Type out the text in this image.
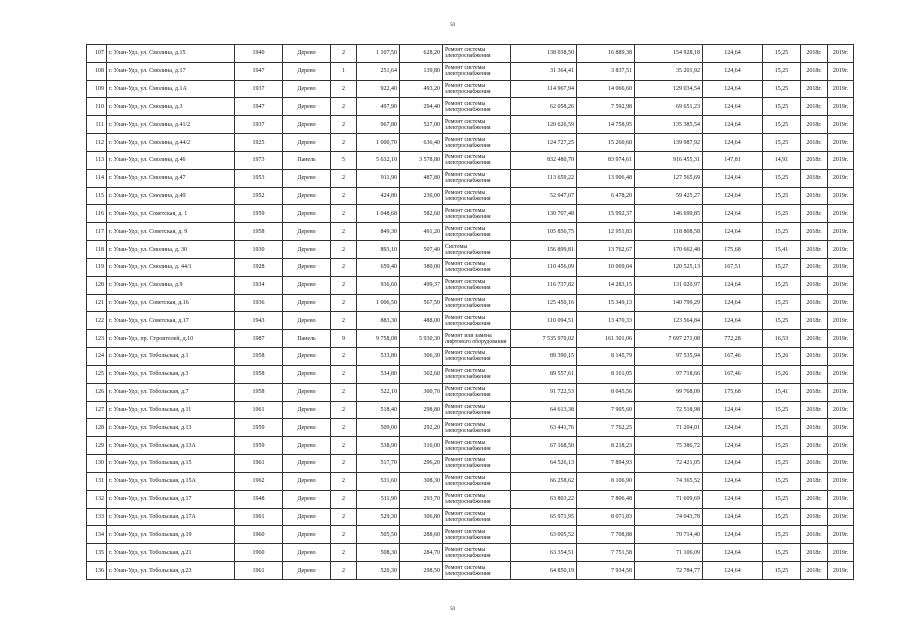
50
107	г. Улан-Удэ, ул. Смолина, д.15	1940	Дерево	2	1 107,50	628,20	Ремонт системы электроснабжения	138 038,50	16 889,38	154 928,18	124,64	15,25	2018г.	2019г.
108	г. Улан-Удэ, ул. Смолина, д.17	1947	Дерево	1	251,64	139,80	Ремонт системы электроснабжения	31 364,41	3 837,51	35 201,92	124,64	15,25	2018г.	2019г.
109	г. Улан-Удэ, ул. Смолина, д.1А	1937	Дерево	2	922,40	493,20	Ремонт системы электроснабжения	114 967,94	14 066,60	129 034,54	124,64	15,25	2018г.	2019г.
110	г. Улан-Удэ, ул. Смолина, д.3	1947	Дерево	2	497,90	294,40	Ремонт системы электроснабжения	62 058,26	7 592,98	69 651,23	124,64	15,25	2018г.	2019г.
111	г. Улан-Удэ, ул. Смолина, д.41/2	1937	Дерево	2	967,80	527,00	Ремонт системы электроснабжения	120 626,59	14 758,95	135 385,54	124,64	15,25	2018г.	2019г.
112	г. Улан-Удэ, ул. Смолина, д.44/2	1925	Дерево	2	1 000,70	636,40	Ремонт системы электроснабжения	124 727,25	15 260,68	139 987,92	124,64	15,25	2018г.	2019г.
113	г. Улан-Удэ, ул. Смолина, д.46	1973	Панель	5	5 632,10	3 578,80	Ремонт системы электроснабжения	832 480,70	83 974,61	916 455,31	147,81	14,91	2018г.	2019г.
114	г. Улан-Удэ, ул. Смолина, д.47	1953	Дерево	2	911,90	487,80	Ремонт системы электроснабжения	113 659,22	13 906,48	127 565,69	124,64	15,25	2018г.	2019г.
115	г. Улан-Удэ, ул. Смолина, д.49	1952	Дерево	2	424,80	236,00	Ремонт системы электроснабжения	52 947,07	6 478,20	59 425,27	124,64	15,25	2018г.	2019г.
116	г. Улан-Удэ, ул. Советская, д. 1	1959	Дерево	2	1 048,68	582,60	Ремонт системы электроснабжения	130 707,48	15 992,37	146 699,85	124,64	15,25	2018г.	2019г.
117	г. Улан-Удэ, ул. Советская, д. 9	1958	Дерево	2	849,30	491,20	Ремонт системы электроснабжения	105 856,75	12 951,83	118 808,58	124,64	15,25	2018г.	2019г.
118	г. Улан-Удэ, ул. Смолина, д. 30	1930	Дерево	2	893,10	507,40	Системы электроснабжения	156 899,81	13 762,67	170 662,48	175,68	15,41	2018г.	2019г.
119	г. Улан-Удэ, ул. Смолина, д. 44/1	1928	Дерево	2	659,40	380,00	Ремонт системы электроснабжения	110 456,09	10 069,04	120 525,13	167,51	15,27	2018г.	2019г.
120	г. Улан-Удэ, ул. Смолина, д.9	1934	Дерево	2	936,60	499,37	Ремонт системы электроснабжения	116 737,82	14 283,15	131 020,97	124,64	15,25	2018г.	2019г.
121	г. Улан-Удэ, ул. Советская, д.16	1936	Дерево	2	1 006,50	567,50	Ремонт системы электроснабжения	125 450,16	15 349,13	140 799,29	124,64	15,25	2018г.	2019г.
122	г. Улан-Удэ, ул. Советская, д.17	1943	Дерево	2	883,30	488,00	Ремонт системы электроснабжения	110 094,51	13 470,33	123 564,84	124,64	15,25	2018г.	2019г.
123	г. Улан-Удэ, пр. Строителей, д.10	1987	Панель	9	9 758,08	5 930,30	Ремонт или замена лифтового оборудования	7 535 970,02	161 301,06	7 697 271,08	772,28	16,53	2018г.	2019г.
124	г. Улан-Удэ, ул. Тобольская, д.1	1958	Дерево	2	533,80	306,30	Ремонт системы электроснабжения	89 390,15	8 145,79	97 535,94	167,46	15,26	2018г.	2019г.
125	г. Улан-Удэ, ул. Тобольская, д.3	1958	Дерево	2	534,80	302,60	Ремонт системы электроснабжения	89 557,61	8 161,05	97 718,66	167,46	15,26	2018г.	2019г.
126	г. Улан-Удэ, ул. Тобольская, д.7	1958	Дерево	2	522,10	300,70	Ремонт системы электроснабжения	91 722,53	8 045,56	99 768,09	175,68	15,41	2018г.	2019г.
127	г. Улан-Удэ, ул. Тобольская, д.11	1961	Дерево	2	518,40	298,80	Ремонт системы электроснабжения	64 613,38	7 905,60	72 518,98	124,64	15,25	2018г.	2019г.
128	г. Улан-Удэ, ул. Тобольская, д.13	1959	Дерево	2	509,00	292,20	Ремонт системы электроснабжения	63 441,76	7 762,25	71 204,01	124,64	15,25	2018г.	2019г.
129	г. Улан-Удэ, ул. Тобольская, д.13А	1959	Дерево	2	538,90	316,00	Ремонт системы электроснабжения	67 168,50	8 218,23	75 386,72	124,64	15,25	2018г.	2019г.
130	г. Улан-Удэ, ул. Тобольская, д.15	1961	Дерево	2	517,70	296,20	Ремонт системы электроснабжения	64 526,13	7 894,93	72 421,05	124,64	15,25	2018г.	2019г.
131	г. Улан-Удэ, ул. Тобольская, д.15А	1962	Дерево	2	531,60	308,30	Ремонт системы электроснабжения	66 258,62	8 106,90	74 365,52	124,64	15,25	2018г.	2019г.
132	г. Улан-Удэ, ул. Тобольская, д.17	1948	Дерево	2	511,90	293,70	Ремонт системы электроснабжения	63 803,22	7 806,48	71 609,69	124,64	15,25	2018г.	2019г.
133	г. Улан-Удэ, ул. Тобольская, д.17А	1961	Дерево	2	529,30	306,80	Ремонт системы электроснабжения	65 971,95	8 071,83	74 043,78	124,64	15,25	2018г.	2019г.
134	г. Улан-Удэ, ул. Тобольская, д.19	1960	Дерево	2	505,50	288,60	Ремонт системы электроснабжения	63 005,52	7 708,88	70 714,40	124,64	15,25	2018г.	2019г.
135	г. Улан-Удэ, ул. Тобольская, д.21	1960	Дерево	2	508,30	284,70	Ремонт системы электроснабжения	63 354,51	7 751,58	71 106,09	124,64	15,25	2018г.	2019г.
136	г. Улан-Удэ, ул. Тобольская, д.23	1961	Дерево	2	520,30	298,50	Ремонт системы электроснабжения	64 850,19	7 934,58	72 784,77	124,64	15,25	2018г.	2019г.
50
